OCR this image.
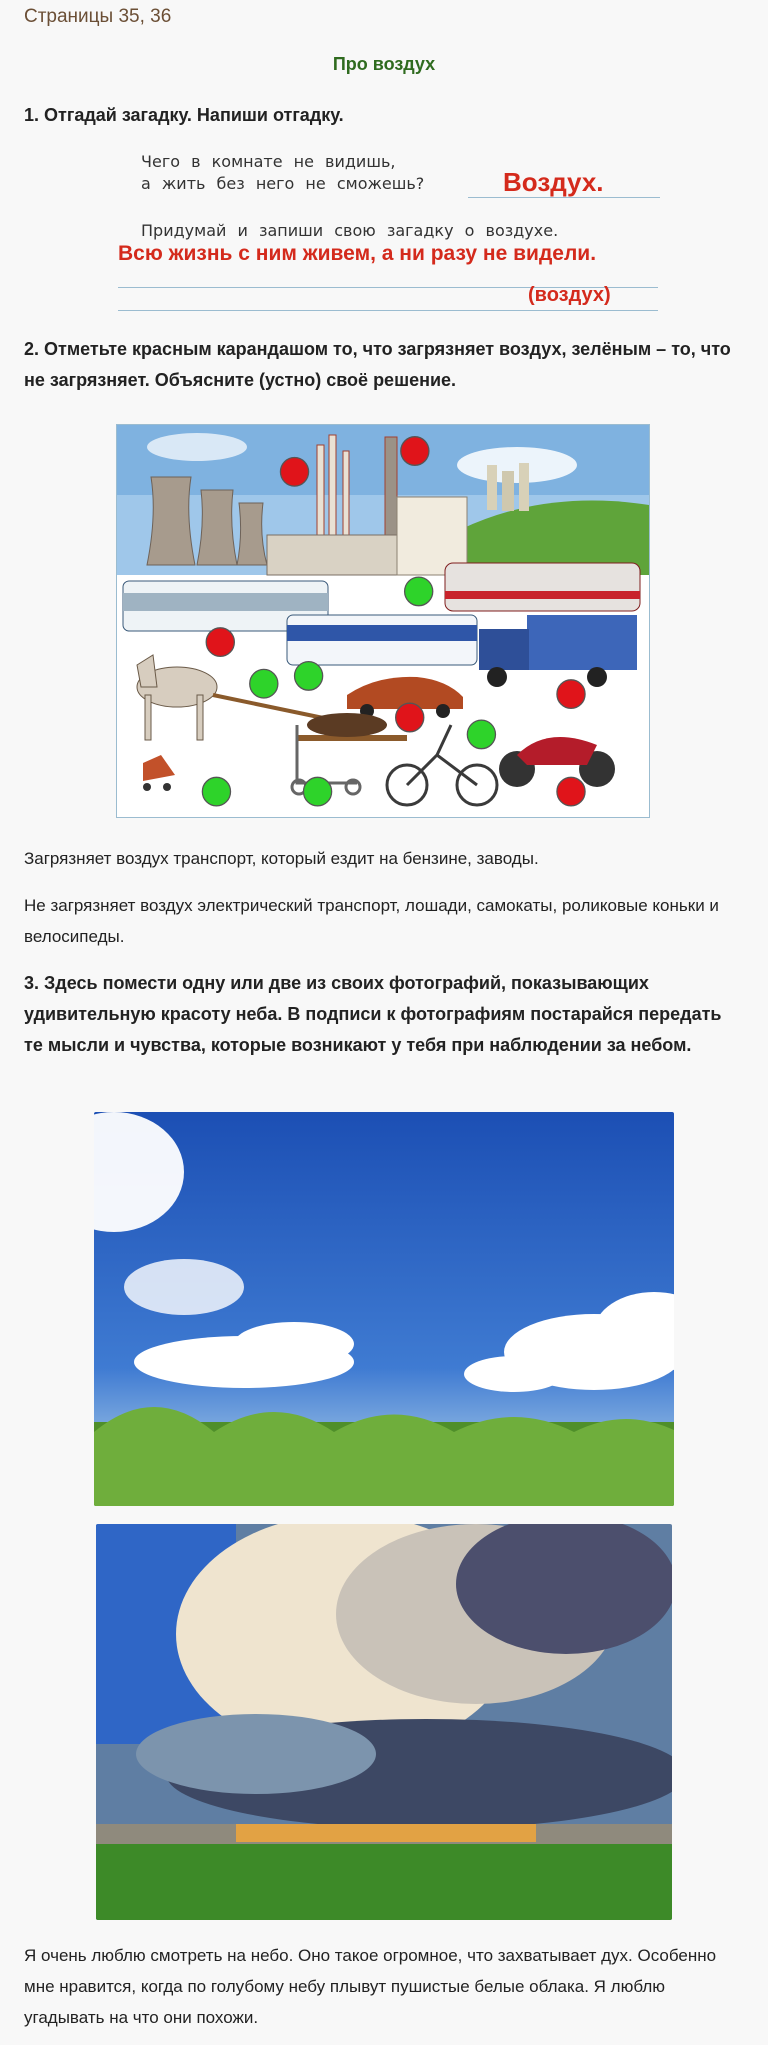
Страницы 35, 36
Про воздух
1. Отгадай загадку. Напиши отгадку.
Чего в комнате не видишь,
а жить без него не сможешь?	Воздух.
Придумай и запиши свою загадку о воздухе.
Всю жизнь с ним живем, а ни разу не видели.
(воздух)
2. Отметьте красным карандашом то, что загрязняет воздух, зелёным – то, что не загрязняет. Объясните (устно) своё решение.
Загрязняет воздух транспорт, который ездит на бензине, заводы.
Не загрязняет воздух электрический транспорт, лошади, самокаты, роликовые коньки и велосипеды.
3. Здесь помести одну или две из своих фотографий, показывающих удивительную красоту неба. В подписи к фотографиям постарайся передать те мысли и чувства, которые возникают у тебя при наблюдении за небом.
Я очень люблю смотреть на небо. Оно такое огромное, что захватывает дух. Особенно мне нравится, когда по голубому небу плывут пушистые белые облака. Я люблю угадывать на что они похожи.
